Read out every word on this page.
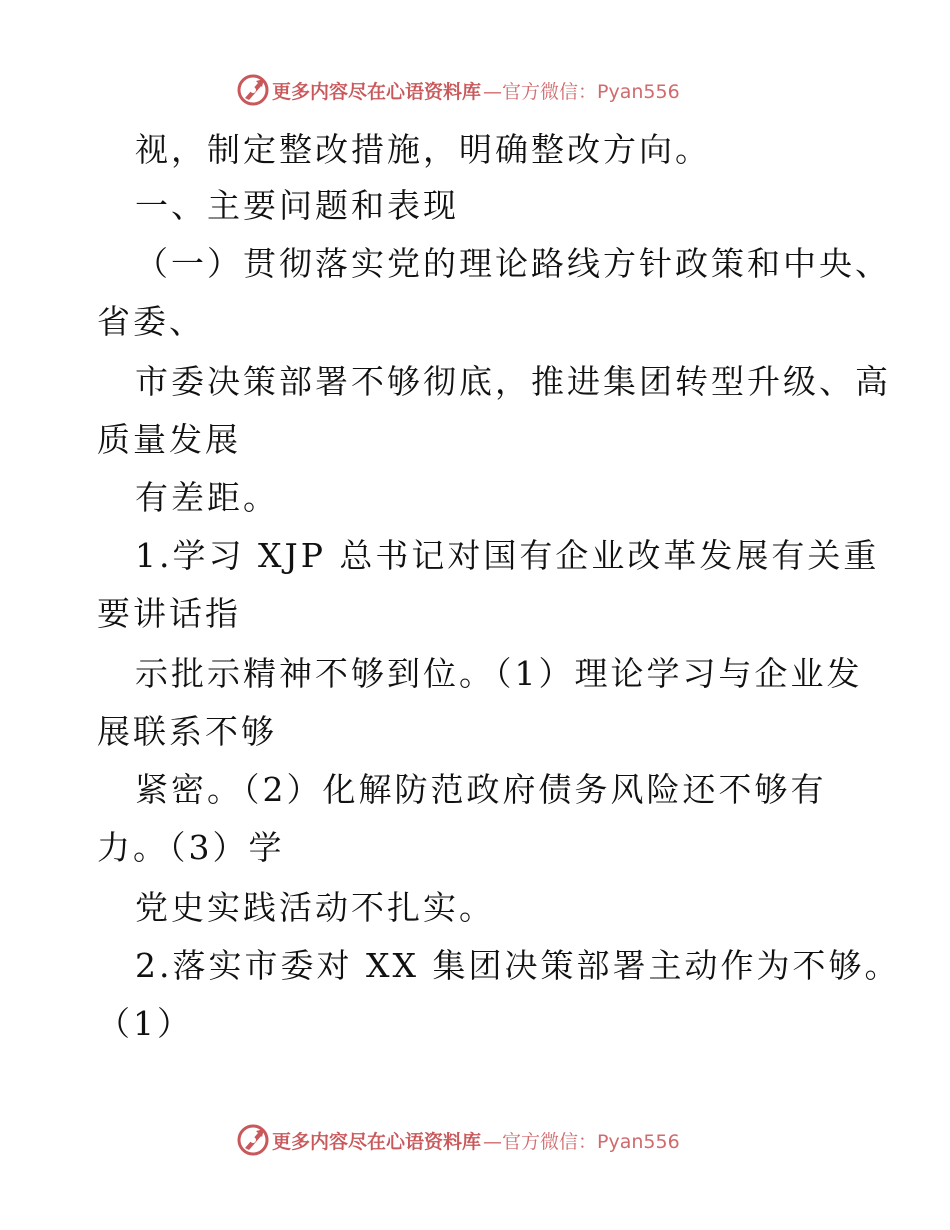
更多内容尽在心语资料库 —官方微信：Pyan556
视，制定整改措施，明确整改方向。
一、主要问题和表现
（一）贯彻落实党的理论路线方针政策和中央、
省委、
市委决策部署不够彻底，推进集团转型升级、高
质量发展
有差距。
1.学习 XJP 总书记对国有企业改革发展有关重
要讲话指
示批示精神不够到位。（1）理论学习与企业发
展联系不够
紧密。（2）化解防范政府债务风险还不够有
力。（3）学
党史实践活动不扎实。
2.落实市委对 XX 集团决策部署主动作为不够。
（1）
更多内容尽在心语资料库 —官方微信：Pyan556
